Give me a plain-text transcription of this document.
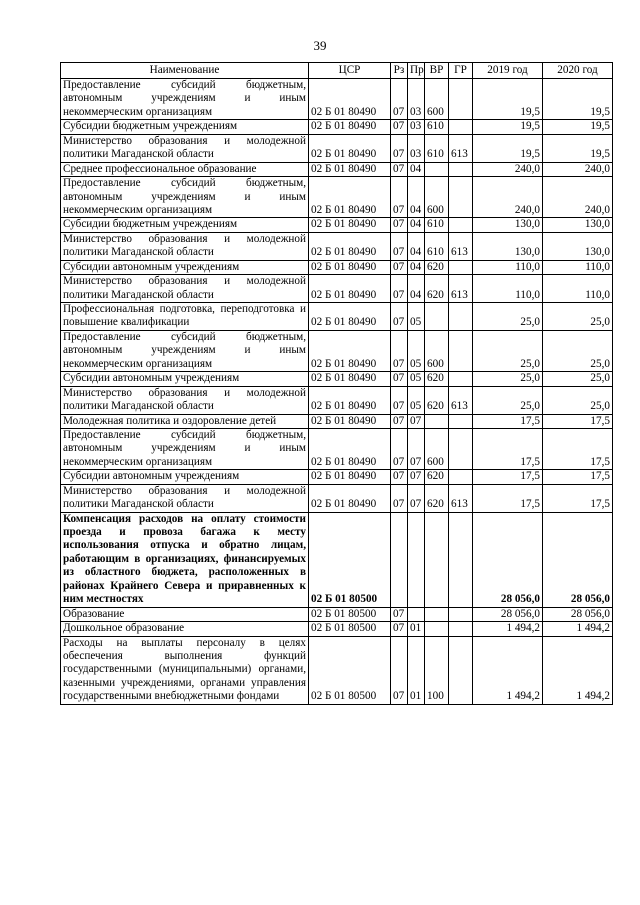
39
Наименование	ЦСР	Рз	Пр	ВР	ГР	2019 год	2020 год
Предоставление субсидий бюджетным, автономным учреждениям и иным некоммерческим организациям	02 Б 01 80490	07	03	600		19,5	19,5
Субсидии бюджетным учреждениям	02 Б 01 80490	07	03	610		19,5	19,5
Министерство образования и молодежной политики Магаданской области	02 Б 01 80490	07	03	610	613	19,5	19,5
Среднее профессиональное образование	02 Б 01 80490	07	04			240,0	240,0
Предоставление субсидий бюджетным, автономным учреждениям и иным некоммерческим организациям	02 Б 01 80490	07	04	600		240,0	240,0
Субсидии бюджетным учреждениям	02 Б 01 80490	07	04	610		130,0	130,0
Министерство образования и молодежной политики Магаданской области	02 Б 01 80490	07	04	610	613	130,0	130,0
Субсидии автономным учреждениям	02 Б 01 80490	07	04	620		110,0	110,0
Министерство образования и молодежной политики Магаданской области	02 Б 01 80490	07	04	620	613	110,0	110,0
Профессиональная подготовка, переподготовка и повышение квалификации	02 Б 01 80490	07	05			25,0	25,0
Предоставление субсидий бюджетным, автономным учреждениям и иным некоммерческим организациям	02 Б 01 80490	07	05	600		25,0	25,0
Субсидии автономным учреждениям	02 Б 01 80490	07	05	620		25,0	25,0
Министерство образования и молодежной политики Магаданской области	02 Б 01 80490	07	05	620	613	25,0	25,0
Молодежная политика и оздоровление детей	02 Б 01 80490	07	07			17,5	17,5
Предоставление субсидий бюджетным, автономным учреждениям и иным некоммерческим организациям	02 Б 01 80490	07	07	600		17,5	17,5
Субсидии автономным учреждениям	02 Б 01 80490	07	07	620		17,5	17,5
Министерство образования и молодежной политики Магаданской области	02 Б 01 80490	07	07	620	613	17,5	17,5
Компенсация расходов на оплату стоимости проезда и провоза багажа к месту использования отпуска и обратно лицам, работающим в организациях, финансируемых из областного бюджета, расположенных в районах Крайнего Севера и приравненных к ним местностях	02 Б 01 80500					28 056,0	28 056,0
Образование	02 Б 01 80500	07				28 056,0	28 056,0
Дошкольное образование	02 Б 01 80500	07	01			1 494,2	1 494,2
Расходы на выплаты персоналу в целях обеспечения выполнения функций государственными (муниципальными) органами, казенными учреждениями, органами управления государственными внебюджетными фондами	02 Б 01 80500	07	01	100		1 494,2	1 494,2
